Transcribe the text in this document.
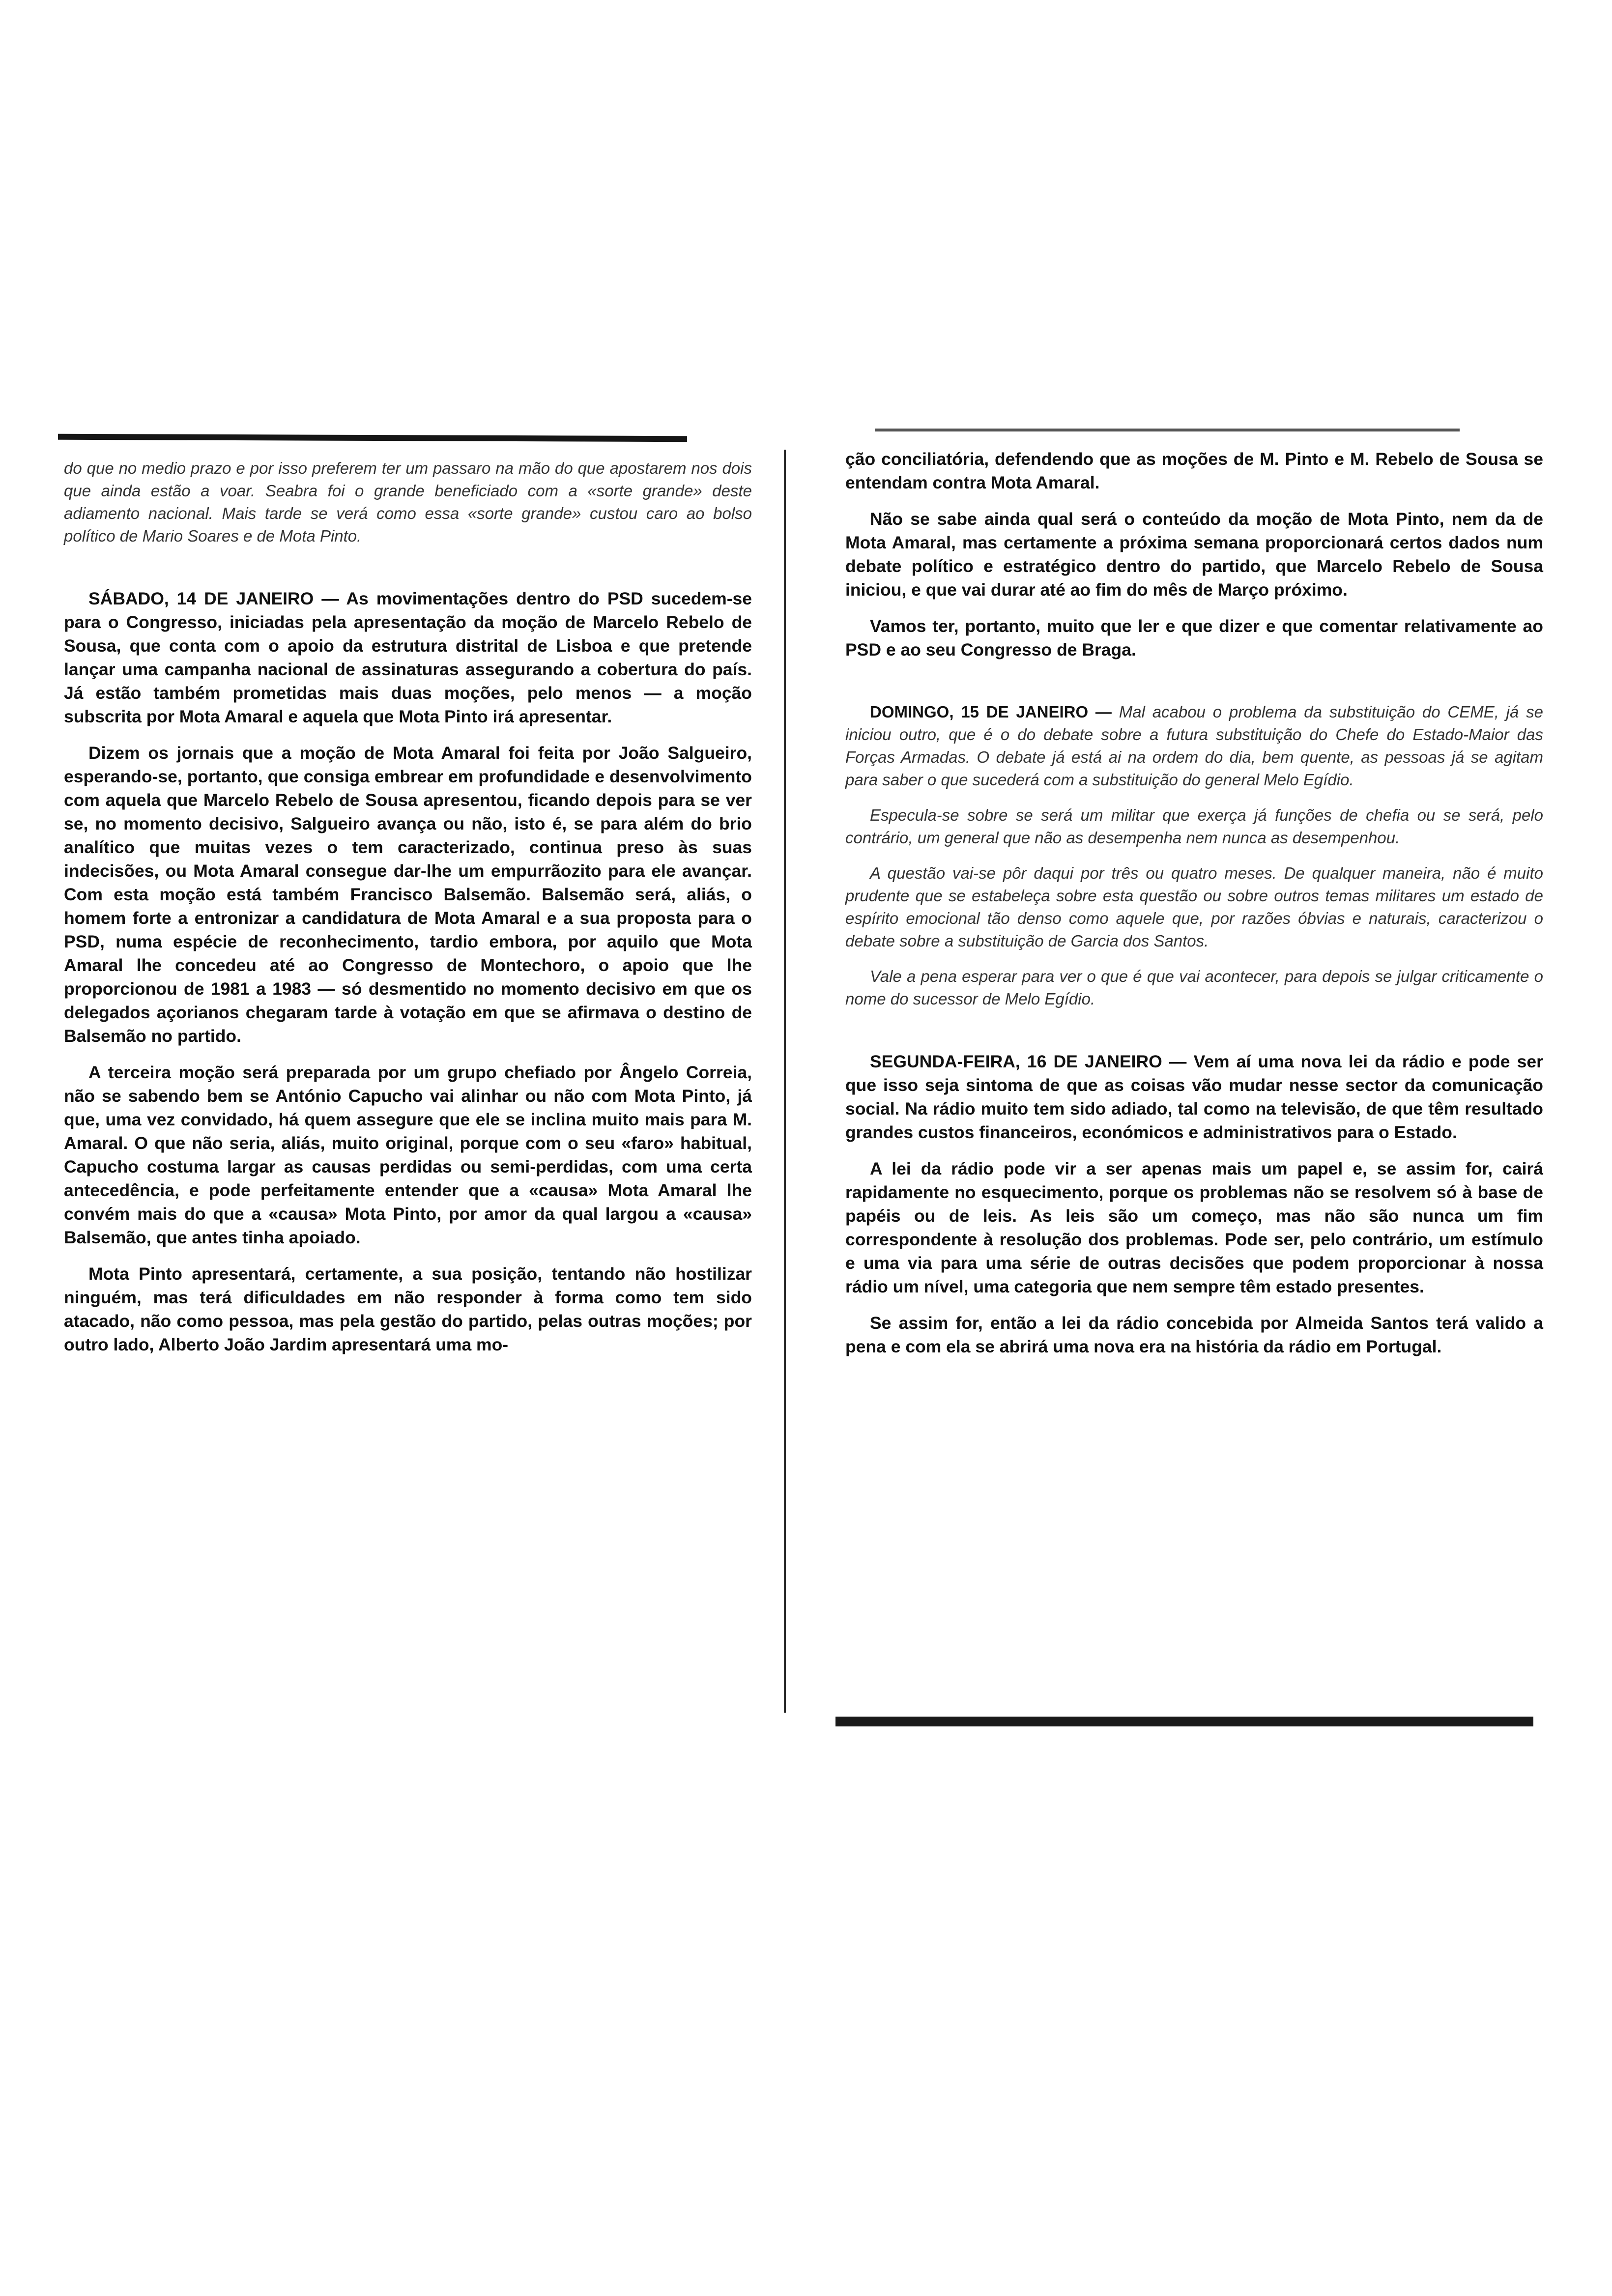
do que no medio prazo e por isso preferem ter um passaro na mão do que apostarem nos dois que ainda estão a voar. Seabra foi o grande beneficiado com a «sorte grande» deste adiamento nacional. Mais tarde se verá como essa «sorte grande» custou caro ao bolso político de Mario Soares e de Mota Pinto.

SÁBADO, 14 DE JANEIRO — As movimentações dentro do PSD sucedem-se para o Congresso, iniciadas pela apresentação da moção de Marcelo Rebelo de Sousa, que conta com o apoio da estrutura distrital de Lisboa e que pretende lançar uma campanha nacional de assinaturas assegurando a cobertura do país. Já estão também prometidas mais duas moções, pelo menos — a moção subscrita por Mota Amaral e aquela que Mota Pinto irá apresentar.

Dizem os jornais que a moção de Mota Amaral foi feita por João Salgueiro, esperando-se, portanto, que consiga embrear em profundidade e desenvolvimento com aquela que Marcelo Rebelo de Sousa apresentou, ficando depois para se ver se, no momento decisivo, Salgueiro avança ou não, isto é, se para além do brio analítico que muitas vezes o tem caracterizado, continua preso às suas indecisões, ou Mota Amaral consegue dar-lhe um empurrãozito para ele avançar. Com esta moção está também Francisco Balsemão. Balsemão será, aliás, o homem forte a entronizar a candidatura de Mota Amaral e a sua proposta para o PSD, numa espécie de reconhecimento, tardio embora, por aquilo que Mota Amaral lhe concedeu até ao Congresso de Montechoro, o apoio que lhe proporcionou de 1981 a 1983 — só desmentido no momento decisivo em que os delegados açorianos chegaram tarde à votação em que se afirmava o destino de Balsemão no partido.

A terceira moção será preparada por um grupo chefiado por Ângelo Correia, não se sabendo bem se António Capucho vai alinhar ou não com Mota Pinto, já que, uma vez convidado, há quem assegure que ele se inclina muito mais para M. Amaral. O que não seria, aliás, muito original, porque com o seu «faro» habitual, Capucho costuma largar as causas perdidas ou semi-perdidas, com uma certa antecedência, e pode perfeitamente entender que a «causa» Mota Amaral lhe convém mais do que a «causa» Mota Pinto, por amor da qual largou a «causa» Balsemão, que antes tinha apoiado.

Mota Pinto apresentará, certamente, a sua posição, tentando não hostilizar ninguém, mas terá dificuldades em não responder à forma como tem sido atacado, não como pessoa, mas pela gestão do partido, pelas outras moções; por outro lado, Alberto João Jardim apresentará uma mo-

ção conciliatória, defendendo que as moções de M. Pinto e M. Rebelo de Sousa se entendam contra Mota Amaral.

Não se sabe ainda qual será o conteúdo da moção de Mota Pinto, nem da de Mota Amaral, mas certamente a próxima semana proporcionará certos dados num debate político e estratégico dentro do partido, que Marcelo Rebelo de Sousa iniciou, e que vai durar até ao fim do mês de Março próximo.

Vamos ter, portanto, muito que ler e que dizer e que comentar relativamente ao PSD e ao seu Congresso de Braga.

DOMINGO, 15 DE JANEIRO — Mal acabou o problema da substituição do CEME, já se iniciou outro, que é o do debate sobre a futura substituição do Chefe do Estado-Maior das Forças Armadas. O debate já está ai na ordem do dia, bem quente, as pessoas já se agitam para saber o que sucederá com a substituição do general Melo Egídio.

Especula-se sobre se será um militar que exerça já funções de chefia ou se será, pelo contrário, um general que não as desempenha nem nunca as desempenhou.

A questão vai-se pôr daqui por três ou quatro meses. De qualquer maneira, não é muito prudente que se estabeleça sobre esta questão ou sobre outros temas militares um estado de espírito emocional tão denso como aquele que, por razões óbvias e naturais, caracterizou o debate sobre a substituição de Garcia dos Santos.

Vale a pena esperar para ver o que é que vai acontecer, para depois se julgar criticamente o nome do sucessor de Melo Egídio.

SEGUNDA-FEIRA, 16 DE JANEIRO — Vem aí uma nova lei da rádio e pode ser que isso seja sintoma de que as coisas vão mudar nesse sector da comunicação social. Na rádio muito tem sido adiado, tal como na televisão, de que têm resultado grandes custos financeiros, económicos e administrativos para o Estado.

A lei da rádio pode vir a ser apenas mais um papel e, se assim for, cairá rapidamente no esquecimento, porque os problemas não se resolvem só à base de papéis ou de leis. As leis são um começo, mas não são nunca um fim correspondente à resolução dos problemas. Pode ser, pelo contrário, um estímulo e uma via para uma série de outras decisões que podem proporcionar à nossa rádio um nível, uma categoria que nem sempre têm estado presentes.

Se assim for, então a lei da rádio concebida por Almeida Santos terá valido a pena e com ela se abrirá uma nova era na história da rádio em Portugal.
